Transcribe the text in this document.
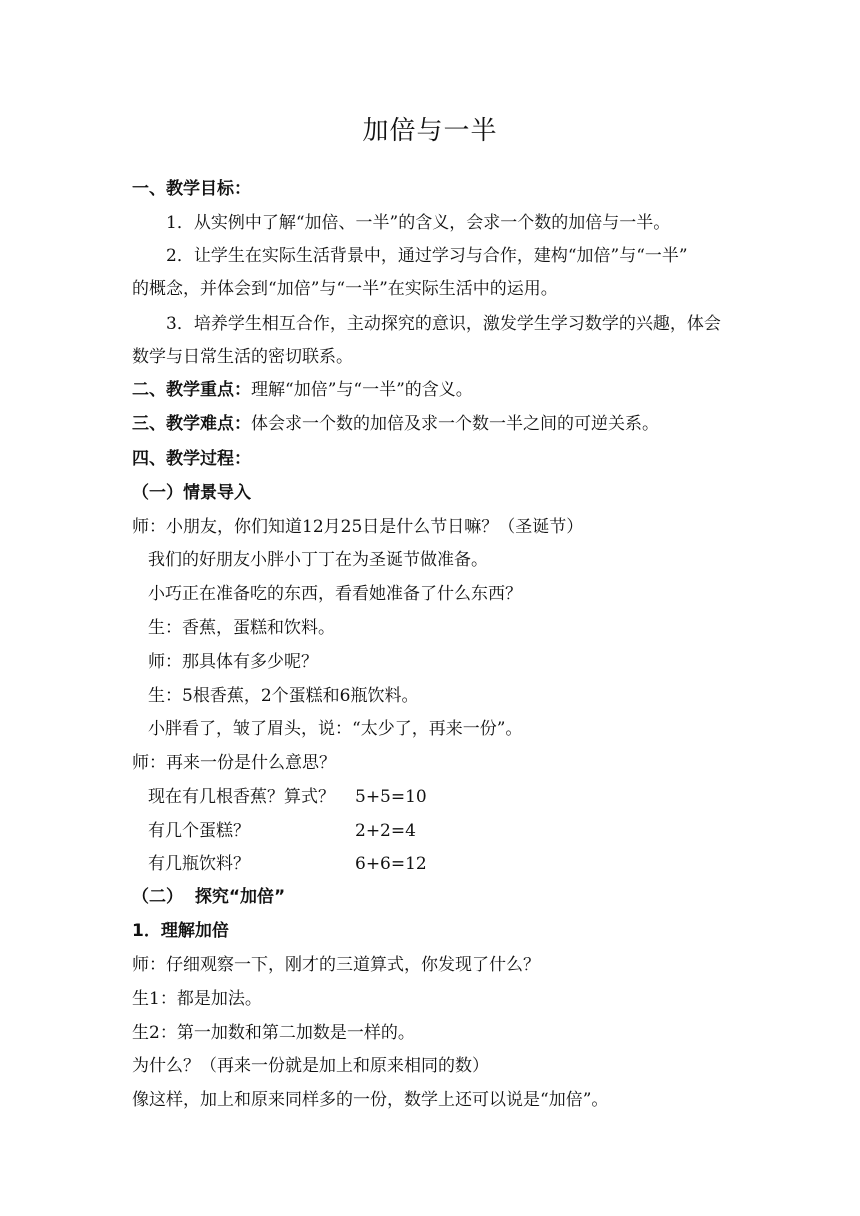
加倍与一半
一、教学目标：
1．从实例中了解“加倍、一半”的含义，会求一个数的加倍与一半。
2．让学生在实际生活背景中，通过学习与合作，建构“加倍”与“一半”
的概念，并体会到“加倍”与“一半”在实际生活中的运用。
3．培养学生相互合作，主动探究的意识，激发学生学习数学的兴趣，体会
数学与日常生活的密切联系。
二、教学重点：理解“加倍”与“一半”的含义。
三、教学难点：体会求一个数的加倍及求一个数一半之间的可逆关系。
四、教学过程：
（一）情景导入
师：小朋友，你们知道12月25日是什么节日嘛？（圣诞节）
我们的好朋友小胖小丁丁在为圣诞节做准备。
小巧正在准备吃的东西，看看她准备了什么东西？
生：香蕉，蛋糕和饮料。
师：那具体有多少呢？
生：5根香蕉，2个蛋糕和6瓶饮料。
小胖看了，皱了眉头，说：“太少了，再来一份”。
师：再来一份是什么意思？
现在有几根香蕉？算式？ 5+5=10
有几个蛋糕？	2+2=4
有几瓶饮料？	6+6=12
（二）  探究“加倍”
1．理解加倍
师：仔细观察一下，刚才的三道算式，你发现了什么？
生1：都是加法。
生2：第一加数和第二加数是一样的。
为什么？（再来一份就是加上和原来相同的数）
像这样，加上和原来同样多的一份，数学上还可以说是“加倍”。
